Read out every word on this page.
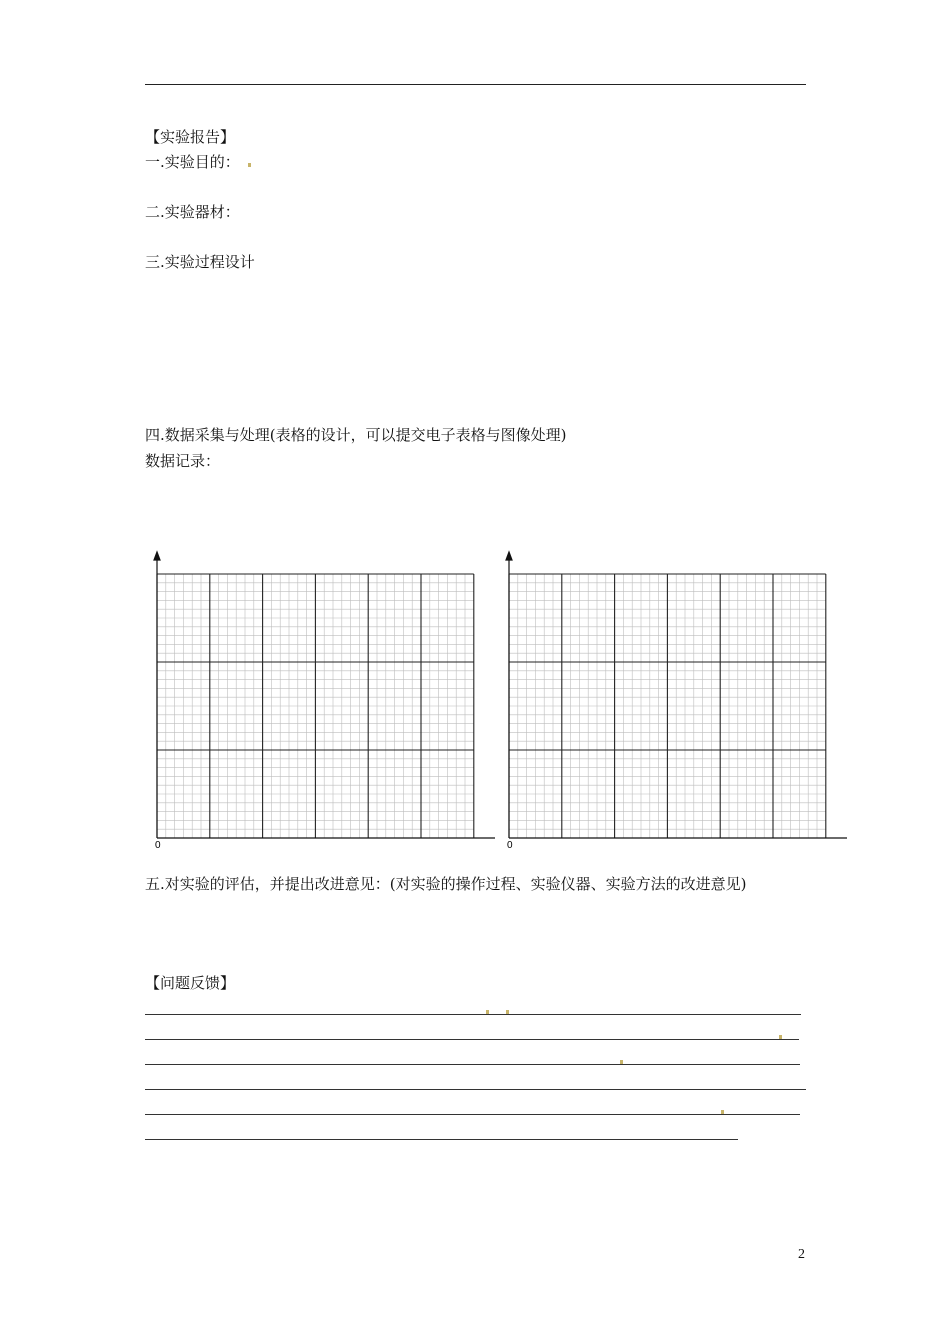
【实验报告】
一.实验目的：
二.实验器材：
三.实验过程设计
四.数据采集与处理(表格的设计，可以提交电子表格与图像处理)
数据记录：
0	0
五.对实验的评估，并提出改进意见：(对实验的操作过程、实验仪器、实验方法的改进意见)
【问题反馈】
2
